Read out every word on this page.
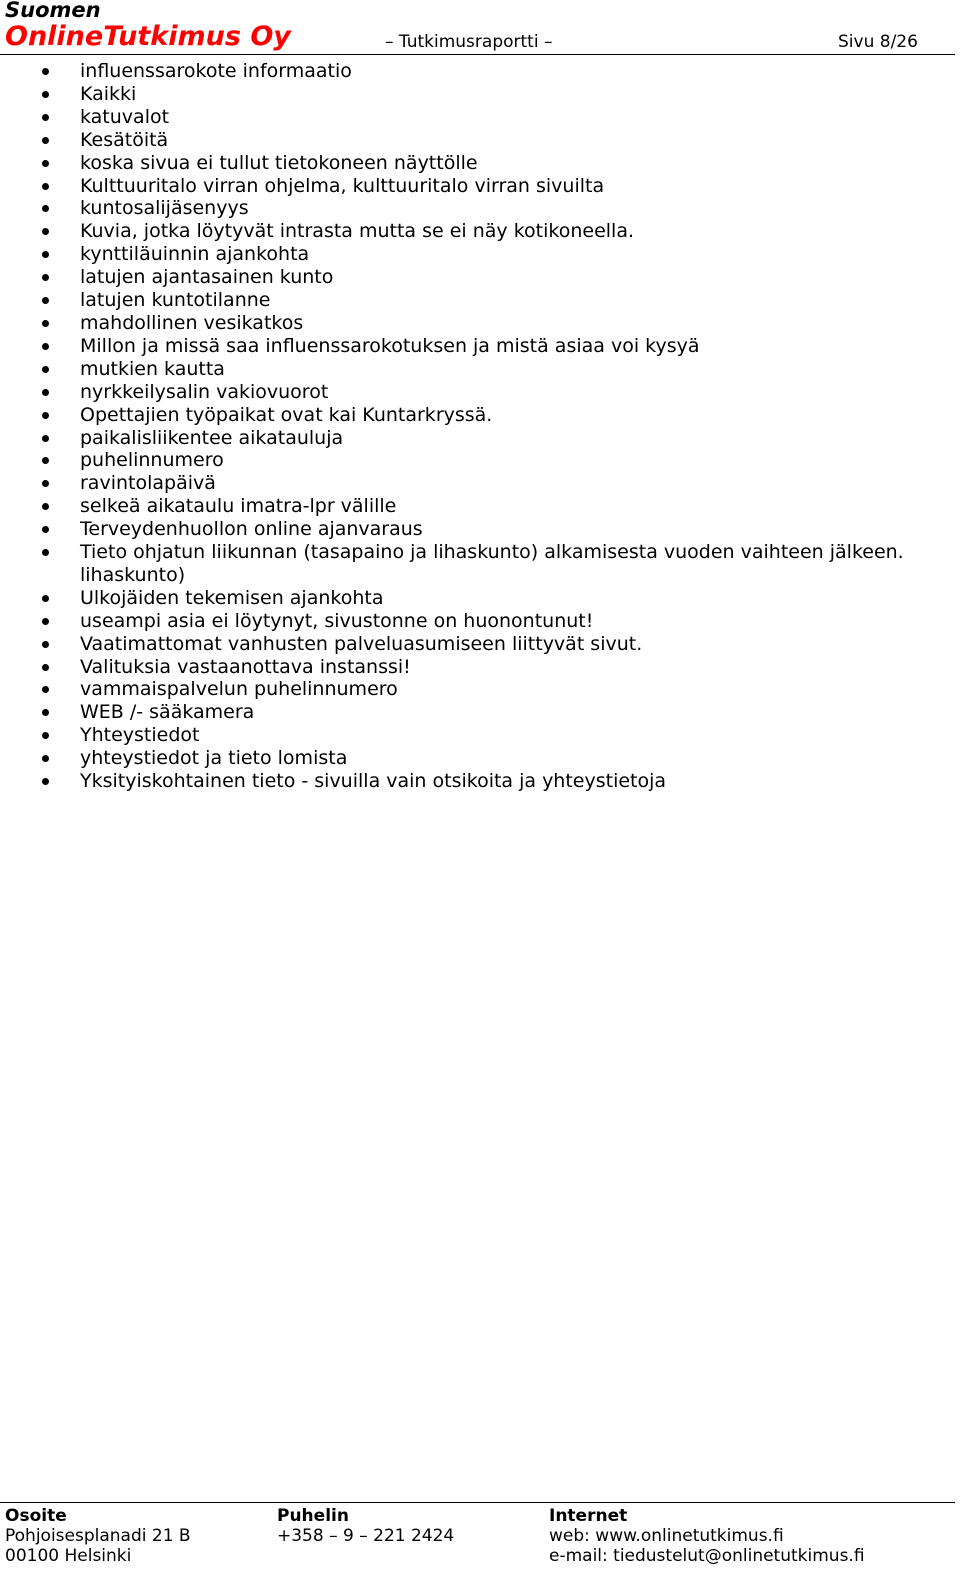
Suomen
OnlineTutkimus Oy	– Tutkimusraportti –	Sivu 8/26
influenssarokote informaatio
Kaikki
katuvalot
Kesätöitä
koska sivua ei tullut tietokoneen näyttölle
Kulttuuritalo virran ohjelma, kulttuuritalo virran sivuilta
kuntosalijäsenyys
Kuvia, jotka löytyvät intrasta mutta se ei näy kotikoneella.
kynttiläuinnin ajankohta
latujen ajantasainen kunto
latujen kuntotilanne
mahdollinen vesikatkos
Millon ja missä saa influenssarokotuksen ja mistä asiaa voi kysyä
mutkien kautta
nyrkkeilysalin vakiovuorot
Opettajien työpaikat ovat kai Kuntarkryssä.
paikalisliikentee aikatauluja
puhelinnumero
ravintolapäivä
selkeä aikataulu imatra-lpr välille
Terveydenhuollon online ajanvaraus
Tieto ohjatun liikunnan (tasapaino ja lihaskunto) alkamisesta vuoden vaihteen jälkeen.
lihaskunto)
Ulkojäiden tekemisen ajankohta
useampi asia ei löytynyt, sivustonne on huonontunut!
Vaatimattomat vanhusten palveluasumiseen liittyvät sivut.
Valituksia vastaanottava instanssi!
vammaispalvelun puhelinnumero
WEB /- sääkamera
Yhteystiedot
yhteystiedot ja tieto lomista
Yksityiskohtainen tieto - sivuilla vain otsikoita ja yhteystietoja
Osoite
Pohjoisesplanadi 21 B
00100 Helsinki
Puhelin
+358 – 9 – 221 2424
Internet
web: www.onlinetutkimus.fi
e-mail: tiedustelut@onlinetutkimus.fi
